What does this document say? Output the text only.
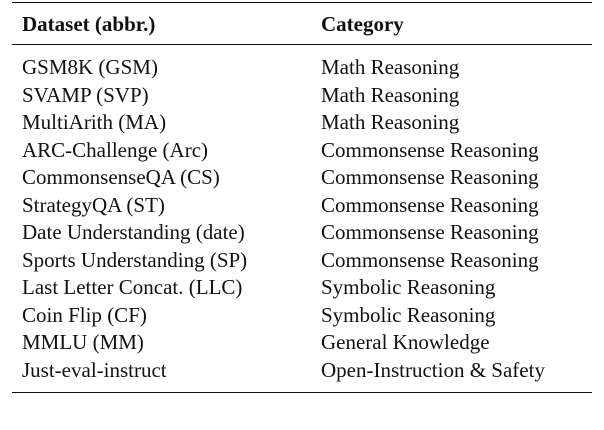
Dataset (abbr.)	Category
GSM8K (GSM)	Math Reasoning
SVAMP (SVP)	Math Reasoning
MultiArith (MA)	Math Reasoning
ARC-Challenge (Arc)	Commonsense Reasoning
CommonsenseQA (CS)	Commonsense Reasoning
StrategyQA (ST)	Commonsense Reasoning
Date Understanding (date)	Commonsense Reasoning
Sports Understanding (SP)	Commonsense Reasoning
Last Letter Concat. (LLC)	Symbolic Reasoning
Coin Flip (CF)	Symbolic Reasoning
MMLU (MM)	General Knowledge
Just-eval-instruct	Open-Instruction & Safety
